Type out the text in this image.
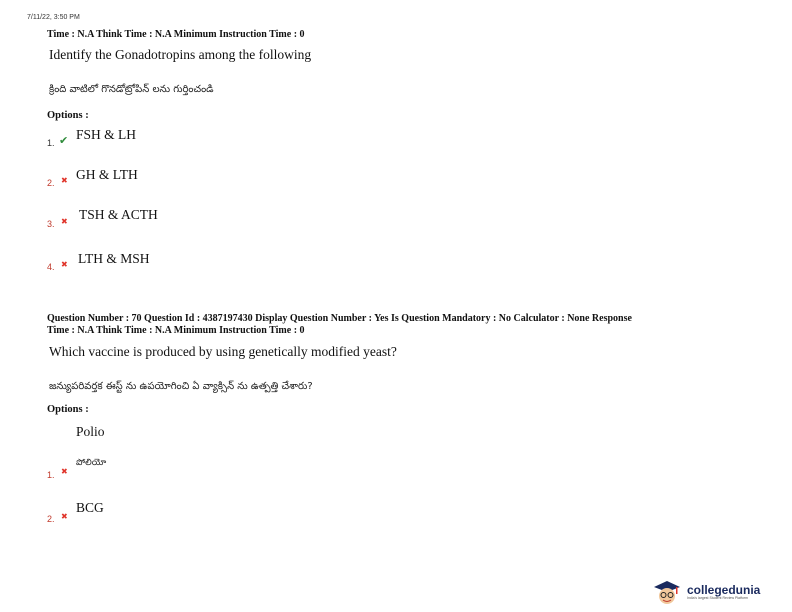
7/11/22, 3:50 PM
Time : N.A Think Time : N.A Minimum Instruction Time : 0
Identify the Gonadotropins among the following
క్రింది వాటిలో గొనడోట్రోపిన్ లను గుర్తించండి
Options :
1. ✔ FSH & LH
2. ✖ GH & LTH
3. ✖ TSH & ACTH
4. ✖ LTH & MSH
Question Number : 70 Question Id : 4387197430 Display Question Number : Yes Is Question Mandatory : No Calculator : None Response
Time : N.A Think Time : N.A Minimum Instruction Time : 0
Which vaccine is produced by using genetically modified yeast?
జన్యుపరివర్తక ఈస్ట్ ను ఉపయోగించి ఏ వ్యాక్సిన్ ను ఉత్పత్తి చేశారు?
Options :
Polio
పోలియో
1. ✖
BCG
2. ✖
collegedunia
India's largest Student Review Platform
